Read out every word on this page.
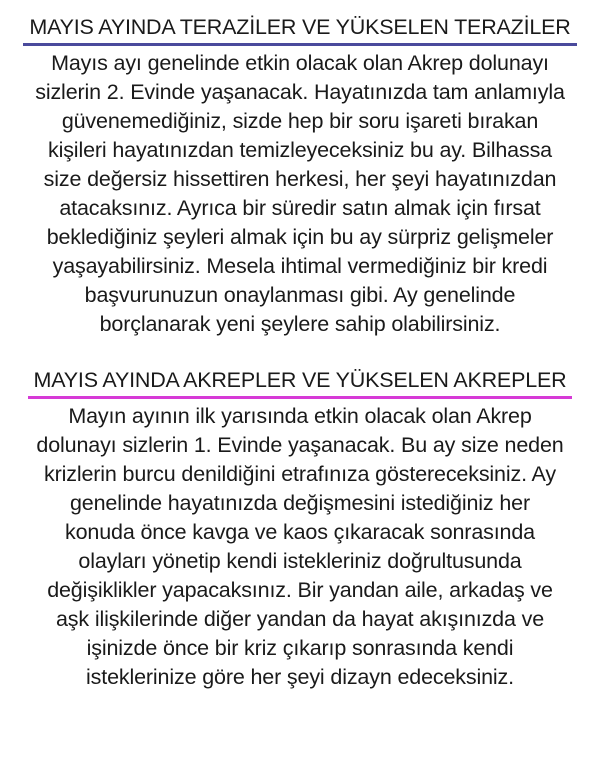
MAYIS AYINDA TERAZİLER VE YÜKSELEN TERAZİLER

Mayıs ayı genelinde etkin olacak olan Akrep dolunayı
sizlerin 2. Evinde yaşanacak. Hayatınızda tam anlamıyla
güvenemediğiniz, sizde hep bir soru işareti bırakan
kişileri hayatınızdan temizleyeceksiniz bu ay. Bilhassa
size değersiz hissettiren herkesi, her şeyi hayatınızdan
atacaksınız. Ayrıca bir süredir satın almak için fırsat
beklediğiniz şeyleri almak için bu ay sürpriz gelişmeler
yaşayabilirsiniz. Mesela ihtimal vermediğiniz bir kredi
başvurunuzun onaylanması gibi. Ay genelinde
borçlanarak yeni şeylere sahip olabilirsiniz.

MAYIS AYINDA AKREPLER VE YÜKSELEN AKREPLER

Mayın ayının ilk yarısında etkin olacak olan Akrep
dolunayı sizlerin 1. Evinde yaşanacak. Bu ay size neden
krizlerin burcu denildiğini etrafınıza göstereceksiniz. Ay
genelinde hayatınızda değişmesini istediğiniz her
konuda önce kavga ve kaos çıkaracak sonrasında
olayları yönetip kendi istekleriniz doğrultusunda
değişiklikler yapacaksınız. Bir yandan aile, arkadaş ve
aşk ilişkilerinde diğer yandan da hayat akışınızda ve
işinizde önce bir kriz çıkarıp sonrasında kendi
isteklerinize göre her şeyi dizayn edeceksiniz.
